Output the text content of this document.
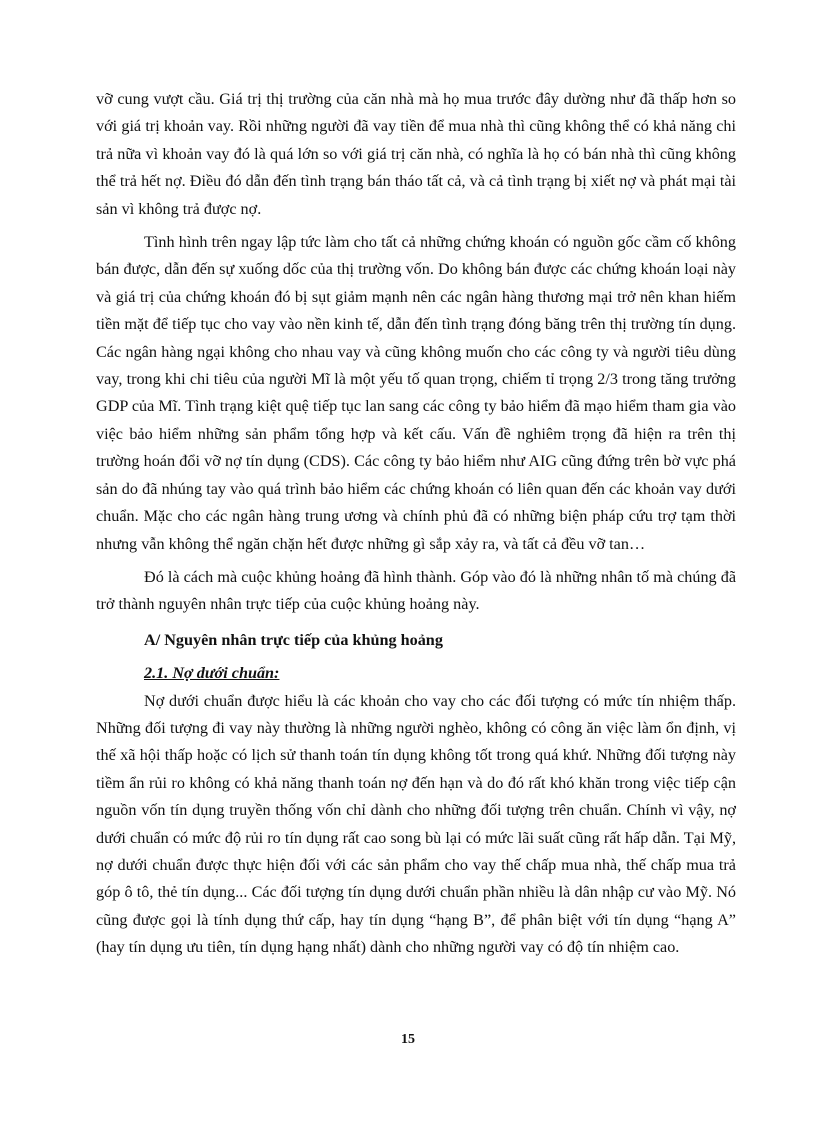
vỡ cung vượt cầu. Giá trị thị trường của căn nhà mà họ mua trước đây dường như đã thấp hơn so với giá trị khoản vay. Rồi những người đã vay tiền để mua nhà thì cũng không thể có khả năng chi trả nữa vì khoản vay đó là quá lớn so với giá trị căn nhà, có nghĩa là họ có bán nhà thì cũng không thể trả hết nợ. Điều đó dẫn đến tình trạng bán tháo tất cả, và cả tình trạng bị xiết nợ và phát mại tài sản vì không trả được nợ.

Tình hình trên ngay lập tức làm cho tất cả những chứng khoán có nguồn gốc cầm cố không bán được, dẫn đến sự xuống dốc của thị trường vốn. Do không bán được các chứng khoán loại này và giá trị của chứng khoán đó bị sụt giảm mạnh nên các ngân hàng thương mại trở nên khan hiếm tiền mặt để tiếp tục cho vay vào nền kinh tế, dẫn đến tình trạng đóng băng trên thị trường tín dụng. Các ngân hàng ngại không cho nhau vay và cũng không muốn cho các công ty và người tiêu dùng vay, trong khi chi tiêu của người Mĩ là một yếu tố quan trọng, chiếm tỉ trọng 2/3 trong tăng trưởng GDP của Mĩ. Tình trạng kiệt quệ tiếp tục lan sang các công ty bảo hiểm đã mạo hiểm tham gia vào việc bảo hiểm những sản phẩm tổng hợp và kết cấu. Vấn đề nghiêm trọng đã hiện ra trên thị trường hoán đổi vỡ nợ tín dụng (CDS). Các công ty bảo hiểm như AIG cũng đứng trên bờ vực phá sản do đã nhúng tay vào quá trình bảo hiểm các chứng khoán có liên quan đến các khoản vay dưới chuẩn. Mặc cho các ngân hàng trung ương và chính phủ đã có những biện pháp cứu trợ tạm thời nhưng vẫn không thể ngăn chặn hết được những gì sắp xảy ra, và tất cả đều vỡ tan…

Đó là cách mà cuộc khủng hoảng đã hình thành. Góp vào đó là những nhân tố mà chúng đã trở thành nguyên nhân trực tiếp của cuộc khủng hoảng này.

A/ Nguyên nhân trực tiếp của khủng hoảng
2.1. Nợ dưới chuẩn:

Nợ dưới chuẩn được hiểu là các khoản cho vay cho các đối tượng có mức tín nhiệm thấp. Những đối tượng đi vay này thường là những người nghèo, không có công ăn việc làm ổn định, vị thế xã hội thấp hoặc có lịch sử thanh toán tín dụng không tốt trong quá khứ. Những đối tượng này tiềm ẩn rủi ro không có khả năng thanh toán nợ đến hạn và do đó rất khó khăn trong việc tiếp cận nguồn vốn tín dụng truyền thống vốn chỉ dành cho những đối tượng trên chuẩn. Chính vì vậy, nợ dưới chuẩn có mức độ rủi ro tín dụng rất cao song bù lại có mức lãi suất cũng rất hấp dẫn. Tại Mỹ, nợ dưới chuẩn được thực hiện đối với các sản phẩm cho vay thế chấp mua nhà, thế chấp mua trả góp ô tô, thẻ tín dụng... Các đối tượng tín dụng dưới chuẩn phần nhiều là dân nhập cư vào Mỹ. Nó cũng được gọi là tính dụng thứ cấp, hay tín dụng “hạng B”, để phân biệt với tín dụng “hạng A” (hay tín dụng ưu tiên, tín dụng hạng nhất) dành cho những người vay có độ tín nhiệm cao.

15
